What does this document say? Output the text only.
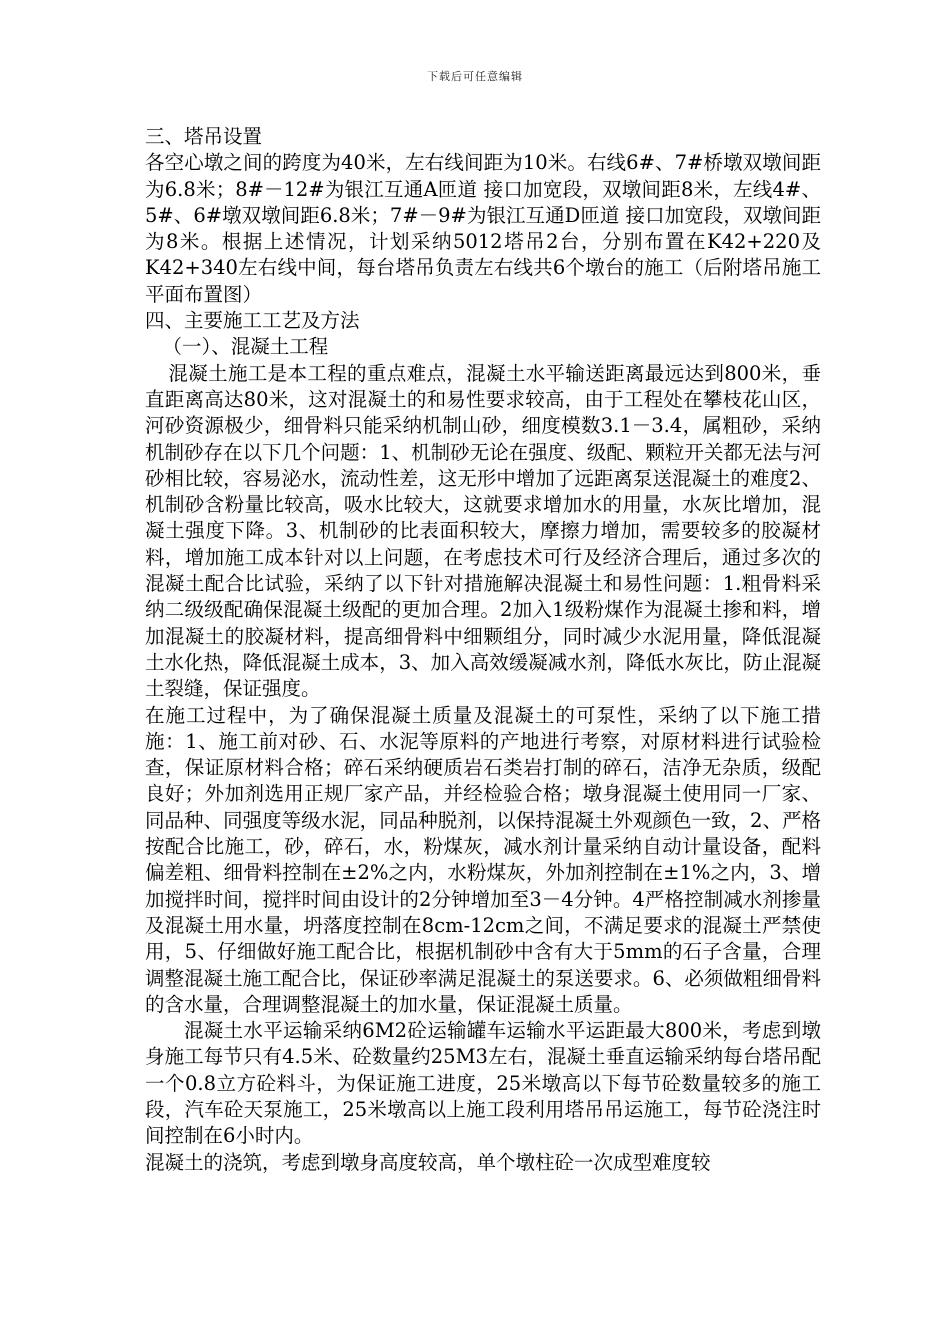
下载后可任意编辑

三、塔吊设置

各空心墩之间的跨度为40米，左右线间距为10米。右线6#、7#桥墩双墩间距为6.8米；8#－12#为银江互通A匝道 接口加宽段，双墩间距8米，左线4#、5#、6#墩双墩间距6.8米；7#－9#为银江互通D匝道 接口加宽段，双墩间距为8米。根据上述情况，计划采纳5012塔吊2台，分别布置在K42+220及K42+340左右线中间，每台塔吊负责左右线共6个墩台的施工（后附塔吊施工平面布置图）

四、主要施工工艺及方法

（一）、混凝土工程

混凝土施工是本工程的重点难点，混凝土水平输送距离最远达到800米，垂直距离高达80米，这对混凝土的和易性要求较高，由于工程处在攀枝花山区，河砂资源极少，细骨料只能采纳机制山砂，细度模数3.1－3.4，属粗砂，采纳机制砂存在以下几个问题：1、机制砂无论在强度、级配、颗粒开关都无法与河砂相比较，容易泌水，流动性差，这无形中增加了远距离泵送混凝土的难度2、机制砂含粉量比较高，吸水比较大，这就要求增加水的用量，水灰比增加，混凝土强度下降。3、机制砂的比表面积较大，摩擦力增加，需要较多的胶凝材料，增加施工成本针对以上问题，在考虑技术可行及经济合理后，通过多次的混凝土配合比试验，采纳了以下针对措施解决混凝土和易性问题：1.粗骨料采纳二级级配确保混凝土级配的更加合理。2加入1级粉煤作为混凝土掺和料，增加混凝土的胶凝材料，提高细骨料中细颗组分，同时减少水泥用量，降低混凝土水化热，降低混凝土成本，3、加入高效缓凝减水剂，降低水灰比，防止混凝土裂缝，保证强度。

在施工过程中，为了确保混凝土质量及混凝土的可泵性，采纳了以下施工措施：1、施工前对砂、石、水泥等原料的产地进行考察，对原材料进行试验检查，保证原材料合格；碎石采纳硬质岩石类岩打制的碎石，洁净无杂质，级配良好；外加剂选用正规厂家产品，并经检验合格；墩身混凝土使用同一厂家、同品种、同强度等级水泥，同品种脱剂，以保持混凝土外观颜色一致，2、严格按配合比施工，砂，碎石，水，粉煤灰，减水剂计量采纳自动计量设备，配料偏差粗、细骨料控制在±2%之内，水粉煤灰，外加剂控制在±1%之内，3、增加搅拌时间，搅拌时间由设计的2分钟增加至3－4分钟。4严格控制减水剂掺量及混凝土用水量，坍落度控制在8cm-12cm之间，不满足要求的混凝土严禁使用，5、仔细做好施工配合比，根据机制砂中含有大于5mm的石子含量，合理调整混凝土施工配合比，保证砂率满足混凝土的泵送要求。6、必须做粗细骨料的含水量，合理调整混凝土的加水量，保证混凝土质量。

混凝土水平运输采纳6M2砼运输罐车运输水平运距最大800米，考虑到墩身施工每节只有4.5米、砼数量约25M3左右，混凝土垂直运输采纳每台塔吊配一个0.8立方砼料斗，为保证施工进度，25米墩高以下每节砼数量较多的施工段，汽车砼天泵施工，25米墩高以上施工段利用塔吊吊运施工，每节砼浇注时间控制在6小时内。

混凝土的浇筑，考虑到墩身高度较高，单个墩柱砼一次成型难度较
